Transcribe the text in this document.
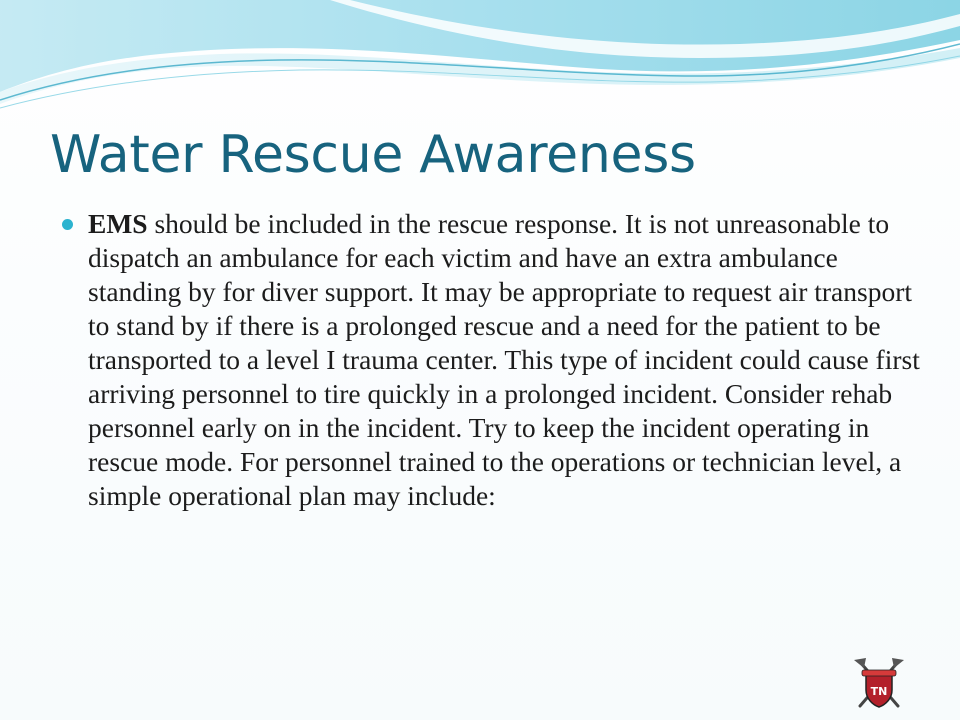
Water Rescue Awareness
EMS should be included in the rescue response. It is not unreasonable to dispatch an ambulance for each victim and have an extra ambulance standing by for diver support. It may be appropriate to request air transport to stand by if there is a prolonged rescue and a need for the patient to be transported to a level I trauma center. This type of incident could cause first arriving personnel to tire quickly in a prolonged incident. Consider rehab personnel early on in the incident. Try to keep the incident operating in rescue mode. For personnel trained to the operations or technician level, a simple operational plan may include:
TN
